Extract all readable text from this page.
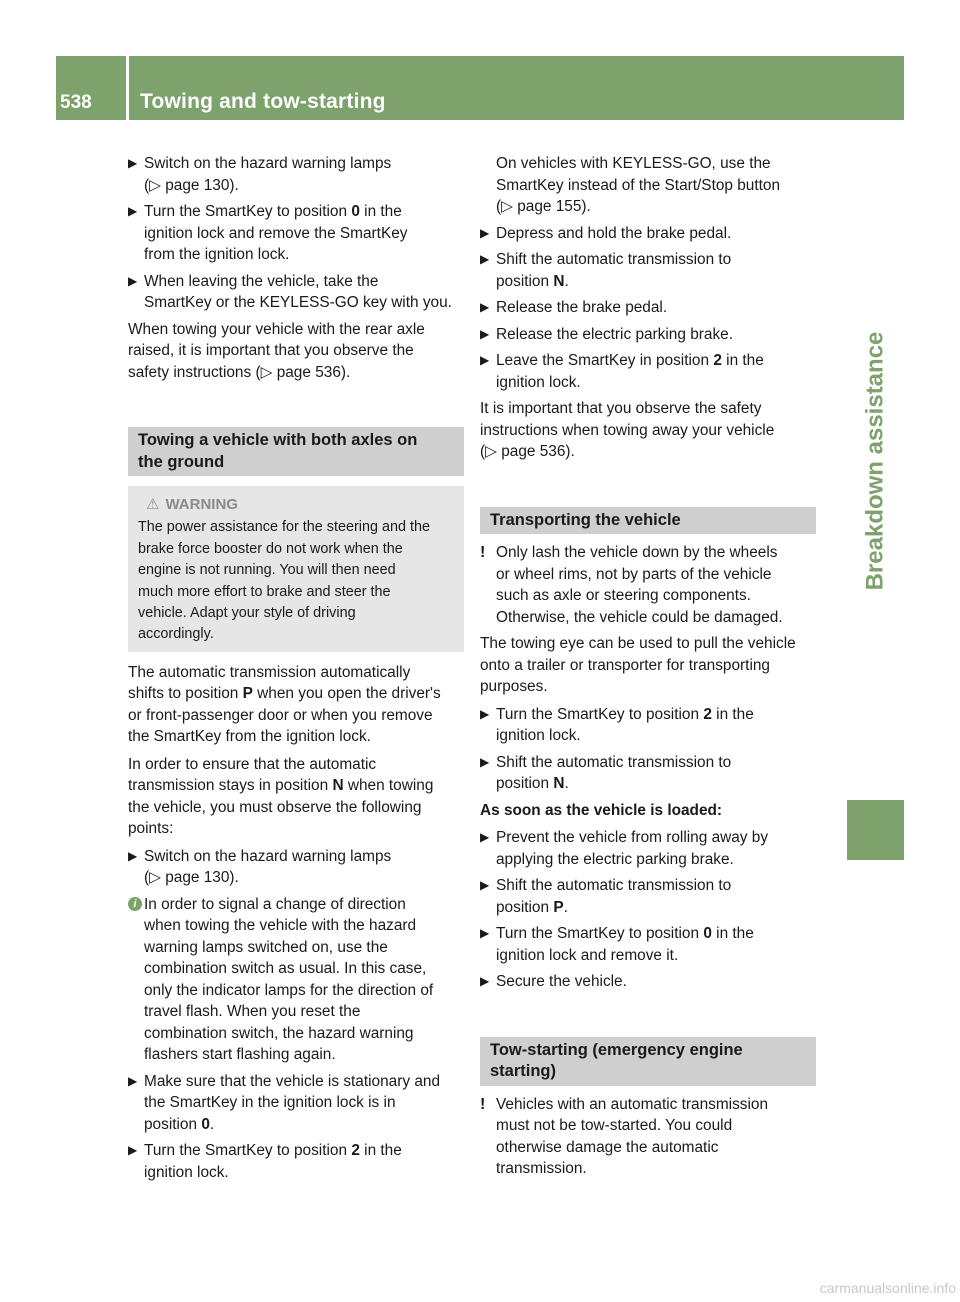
538	Towing and tow-starting
Breakdown assistance
▶ Switch on the hazard warning lamps
(▷ page 130).
▶ Turn the SmartKey to position 0 in the
ignition lock and remove the SmartKey
from the ignition lock.
▶ When leaving the vehicle, take the
SmartKey or the KEYLESS-GO key with you.
When towing your vehicle with the rear axle
raised, it is important that you observe the
safety instructions (▷ page 536).
Towing a vehicle with both axles on
the ground
⚠ WARNING
The power assistance for the steering and the
brake force booster do not work when the
engine is not running. You will then need
much more effort to brake and steer the
vehicle. Adapt your style of driving
accordingly.
The automatic transmission automatically
shifts to position P when you open the driver's
or front-passenger door or when you remove
the SmartKey from the ignition lock.
In order to ensure that the automatic
transmission stays in position N when towing
the vehicle, you must observe the following
points:
▶ Switch on the hazard warning lamps
(▷ page 130).
i In order to signal a change of direction
when towing the vehicle with the hazard
warning lamps switched on, use the
combination switch as usual. In this case,
only the indicator lamps for the direction of
travel flash. When you reset the
combination switch, the hazard warning
flashers start flashing again.
▶ Make sure that the vehicle is stationary and
the SmartKey in the ignition lock is in
position 0.
▶ Turn the SmartKey to position 2 in the
ignition lock.
On vehicles with KEYLESS-GO, use the
SmartKey instead of the Start/Stop button
(▷ page 155).
▶ Depress and hold the brake pedal.
▶ Shift the automatic transmission to
position N.
▶ Release the brake pedal.
▶ Release the electric parking brake.
▶ Leave the SmartKey in position 2 in the
ignition lock.
It is important that you observe the safety
instructions when towing away your vehicle
(▷ page 536).
Transporting the vehicle
! Only lash the vehicle down by the wheels
or wheel rims, not by parts of the vehicle
such as axle or steering components.
Otherwise, the vehicle could be damaged.
The towing eye can be used to pull the vehicle
onto a trailer or transporter for transporting
purposes.
▶ Turn the SmartKey to position 2 in the
ignition lock.
▶ Shift the automatic transmission to
position N.
As soon as the vehicle is loaded:
▶ Prevent the vehicle from rolling away by
applying the electric parking brake.
▶ Shift the automatic transmission to
position P.
▶ Turn the SmartKey to position 0 in the
ignition lock and remove it.
▶ Secure the vehicle.
Tow-starting (emergency engine
starting)
! Vehicles with an automatic transmission
must not be tow-started. You could
otherwise damage the automatic
transmission.
carmanualsonline.info
